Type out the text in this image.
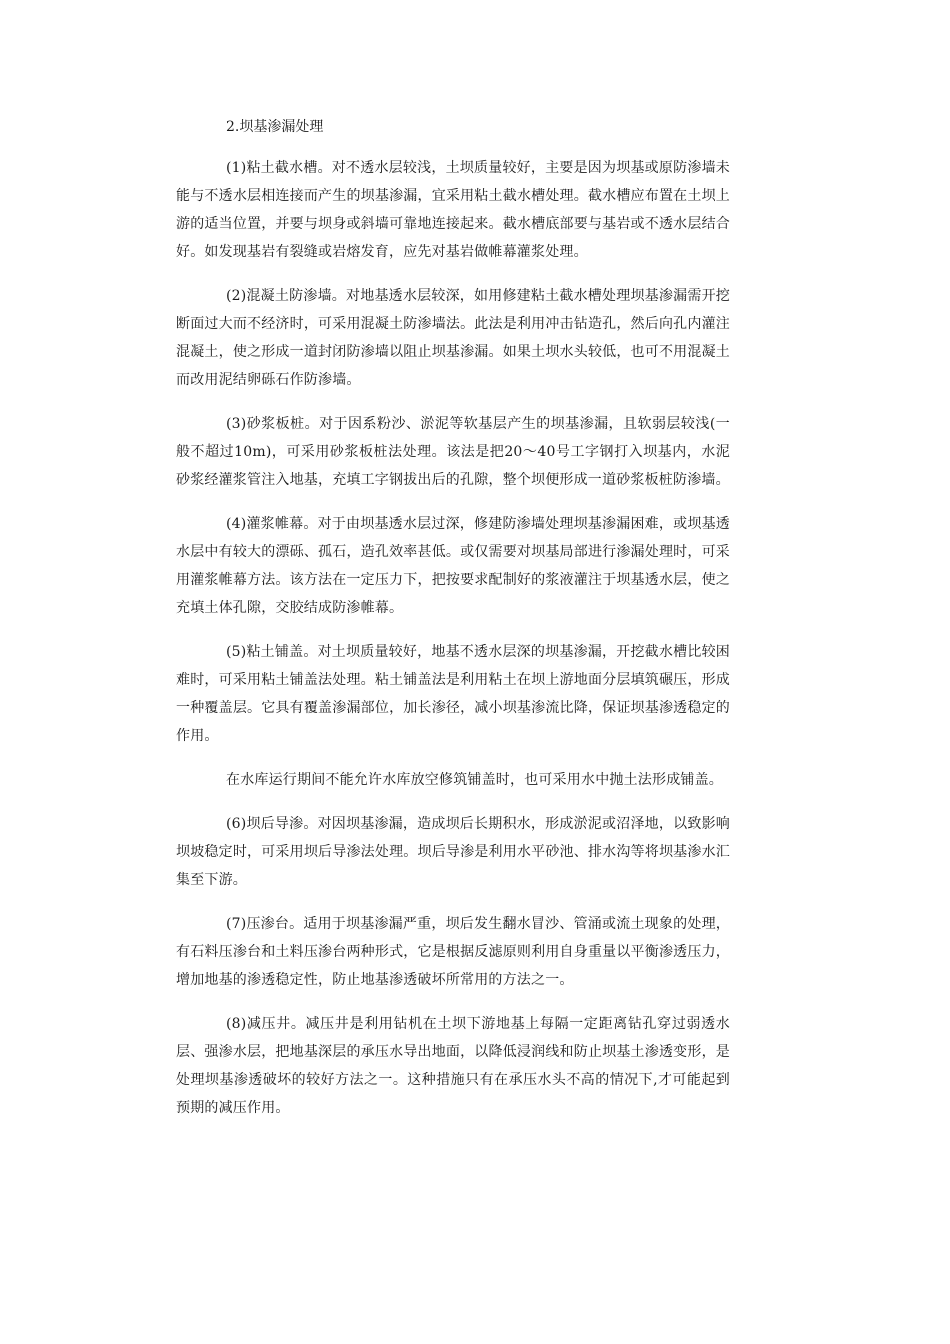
2.坝基渗漏处理

(1)粘土截水槽。对不透水层较浅，土坝质量较好，主要是因为坝基或原防渗墙未能与不透水层相连接而产生的坝基渗漏，宜采用粘土截水槽处理。截水槽应布置在土坝上游的适当位置，并要与坝身或斜墙可靠地连接起来。截水槽底部要与基岩或不透水层结合好。如发现基岩有裂缝或岩熔发育，应先对基岩做帷幕灌浆处理。

(2)混凝土防渗墙。对地基透水层较深，如用修建粘土截水槽处理坝基渗漏需开挖断面过大而不经济时，可采用混凝土防渗墙法。此法是利用冲击钻造孔，然后向孔内灌注混凝土，使之形成一道封闭防渗墙以阻止坝基渗漏。如果土坝水头较低，也可不用混凝土而改用泥结卵砾石作防渗墙。

(3)砂浆板桩。对于因系粉沙、淤泥等软基层产生的坝基渗漏，且软弱层较浅(一般不超过10m)，可采用砂浆板桩法处理。该法是把20～40号工字钢打入坝基内，水泥砂浆经灌浆管注入地基，充填工字钢拔出后的孔隙，整个坝便形成一道砂浆板桩防渗墙。

(4)灌浆帷幕。对于由坝基透水层过深，修建防渗墙处理坝基渗漏困难，或坝基透水层中有较大的漂砾、孤石，造孔效率甚低。或仅需要对坝基局部进行渗漏处理时，可采用灌浆帷幕方法。该方法在一定压力下，把按要求配制好的浆液灌注于坝基透水层，使之充填土体孔隙，交胶结成防渗帷幕。

(5)粘土铺盖。对土坝质量较好，地基不透水层深的坝基渗漏，开挖截水槽比较困难时，可采用粘土铺盖法处理。粘土铺盖法是利用粘土在坝上游地面分层填筑碾压，形成一种覆盖层。它具有覆盖渗漏部位，加长渗径，减小坝基渗流比降，保证坝基渗透稳定的作用。

在水库运行期间不能允许水库放空修筑铺盖时，也可采用水中抛土法形成铺盖。

(6)坝后导渗。对因坝基渗漏，造成坝后长期积水，形成淤泥或沼泽地，以致影响坝坡稳定时，可采用坝后导渗法处理。坝后导渗是利用水平砂池、排水沟等将坝基渗水汇集至下游。

(7)压渗台。适用于坝基渗漏严重，坝后发生翻水冒沙、管涌或流土现象的处理，有石料压渗台和土料压渗台两种形式，它是根据反滤原则利用自身重量以平衡渗透压力，增加地基的渗透稳定性，防止地基渗透破坏所常用的方法之一。

(8)减压井。减压井是利用钻机在土坝下游地基上每隔一定距离钻孔穿过弱透水层、强渗水层，把地基深层的承压水导出地面，以降低浸润线和防止坝基土渗透变形，是处理坝基渗透破坏的较好方法之一。这种措施只有在承压水头不高的情况下,才可能起到预期的减压作用。
